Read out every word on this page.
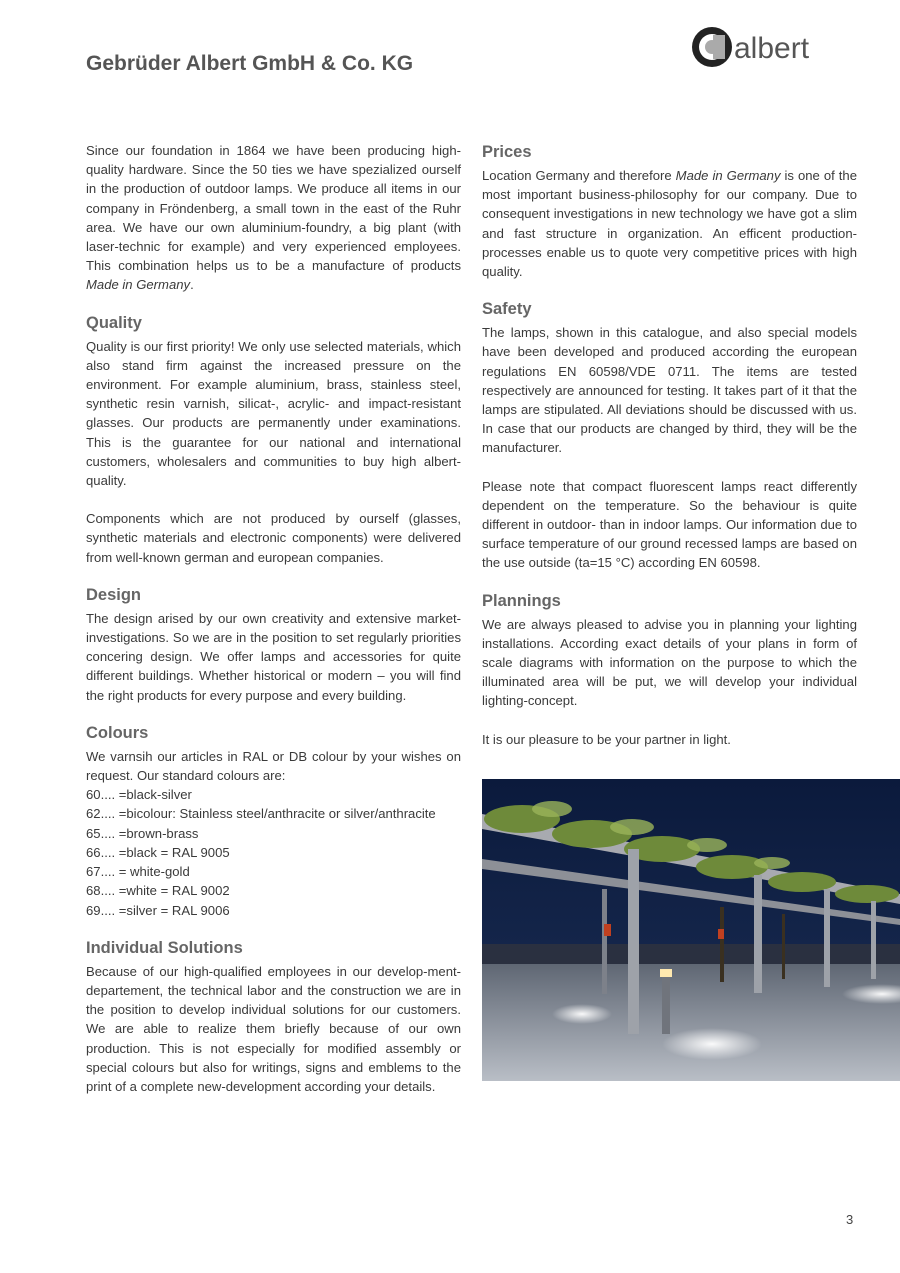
Gebrüder Albert GmbH & Co. KG	albert

Since our foundation in 1864 we have been producing high-quality hardware. Since the 50 ties we have spezialized ourself in the production of outdoor lamps. We produce all items in our company in Fröndenberg, a small town in the east of the Ruhr area. We have our own aluminium-foundry, a big plant (with laser-technic for example) and very experienced employees. This combination helps us to be a manufacture of products Made in Germany.

Quality

Quality is our first priority! We only use selected materials, which also stand firm against the increased pressure on the environment. For example aluminium, brass, stainless steel, synthetic resin varnish, silicat-, acrylic- and impact-resistant glasses. Our products are permanently under examinations. This is the guarantee for our national and international customers, wholesalers and communities to buy high albert-quality.

Components which are not produced by ourself (glasses, synthetic materials and electronic components) were delivered from well-known german and european companies.

Design

The design arised by our own creativity and extensive market-investigations. So we are in the position to set regularly priorities concering design. We offer lamps and accessories for quite different buildings. Whether historical or modern – you will find the right products for every purpose and every building.

Colours

We varnsih our articles in RAL or DB colour by your wishes on request. Our standard colours are:

60.... =black-silver
62.... =bicolour: Stainless steel/anthracite or silver/anthracite
65.... =brown-brass
66.... =black = RAL 9005
67.... = white-gold
68.... =white = RAL 9002
69.... =silver = RAL 9006
Individual Solutions

Because of our high-qualified employees in our develop-ment-departement, the technical labor and the construction we are in the position to develop individual solutions for our customers. We are able to realize them briefly because of our own production. This is not especially for modified assembly or special colours but also for writings, signs and emblems to the print of a complete new-development according your details.

Prices

Location Germany and therefore Made in Germany is one of the most important business-philosophy for our company. Due to consequent investigations in new technology we have got a slim and fast structure in organization. An efficent production-processes enable us to quote very competitive prices with high quality.

Safety

The lamps, shown in this catalogue, and also special models have been developed and produced according the european regulations EN 60598/VDE 0711. The items are tested respectively are announced for testing. It takes part of it that the lamps are stipulated. All deviations should be discussed with us. In case that our products are changed by third, they will be the manufacturer.

Please note that compact fluorescent lamps react differently dependent on the temperature. So the behaviour is quite different in outdoor- than in indoor lamps. Our information due to surface temperature of our ground recessed lamps are based on the use outside (ta=15 °C) according EN 60598.

Plannings

We are always pleased to advise you in planning your lighting installations. According exact details of your plans in form of scale diagrams with information on the purpose to which the illuminated area will be put, we will develop your individual lighting-concept.

It is our pleasure to be your partner in light.

3
